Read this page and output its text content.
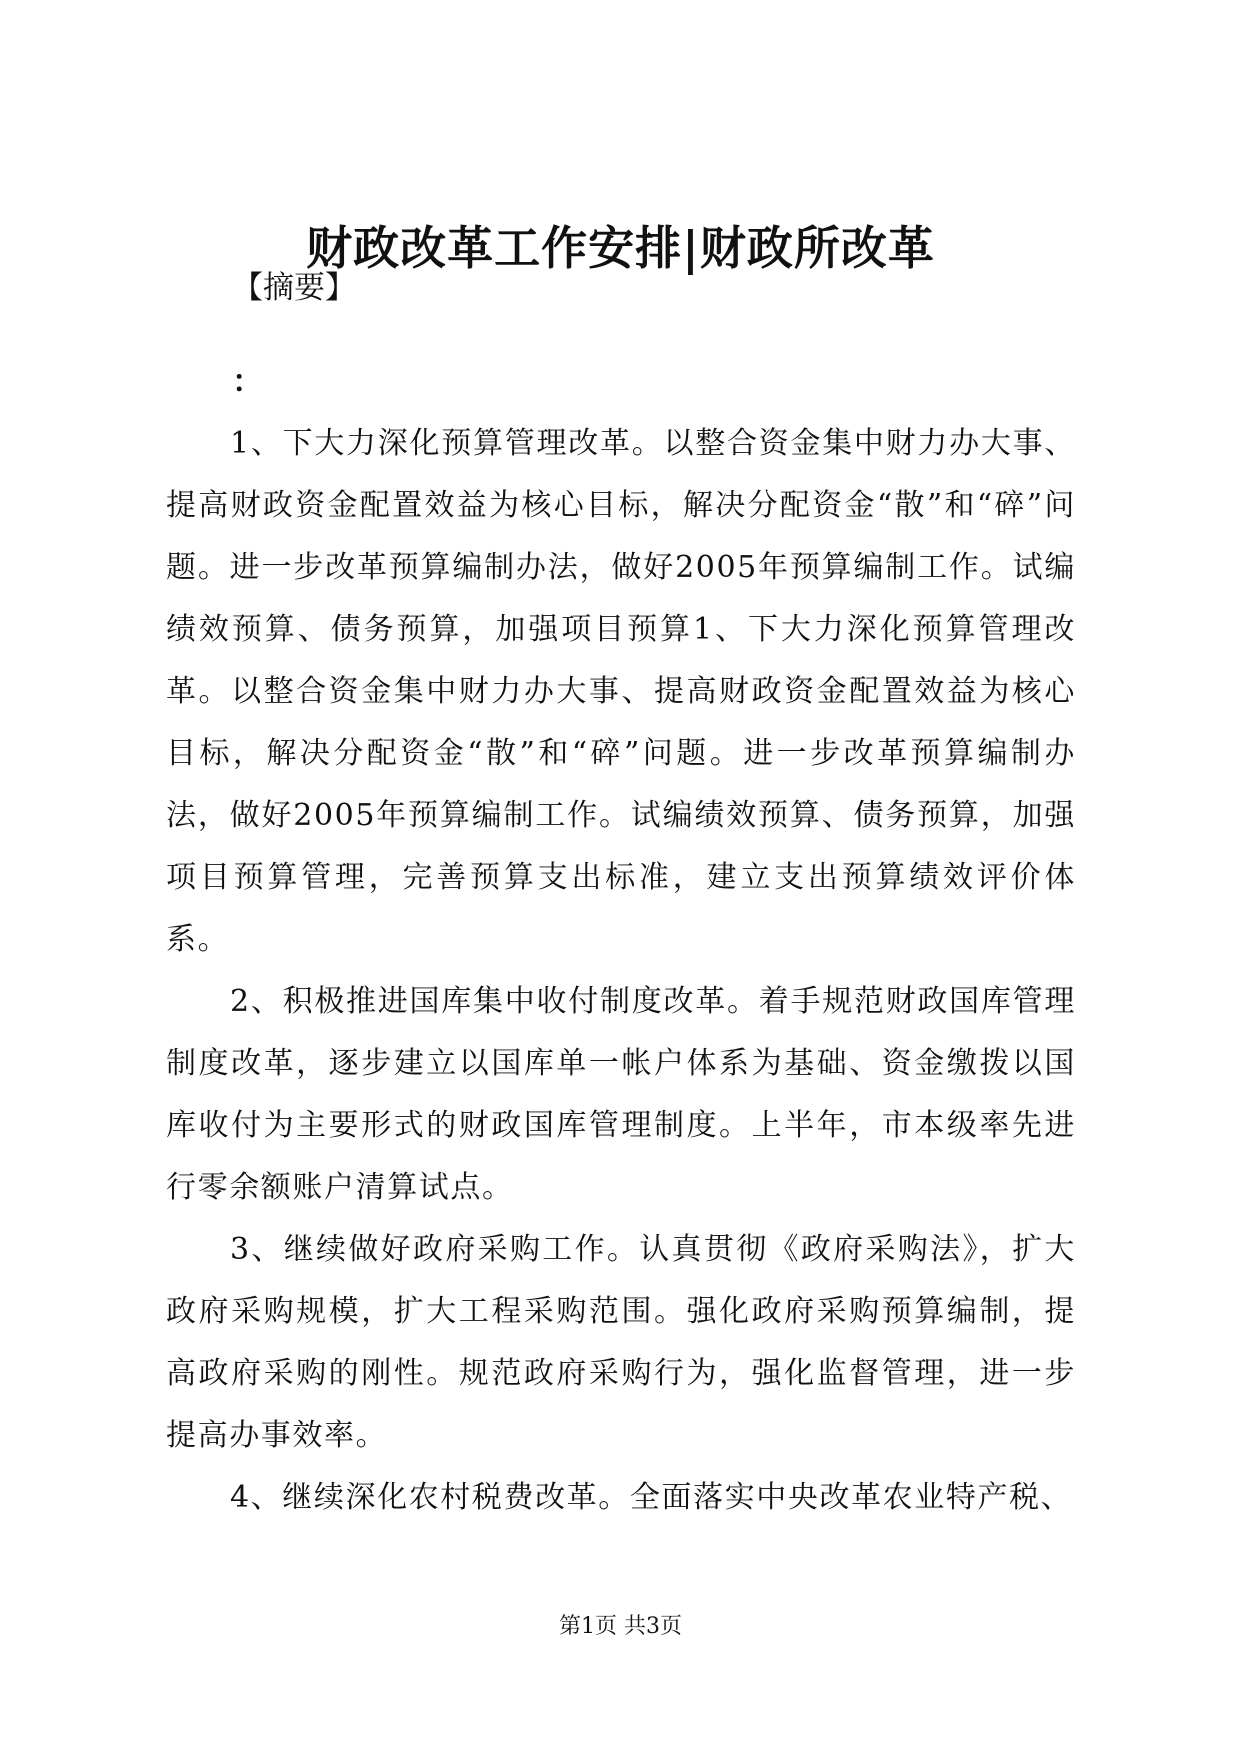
财政改革工作安排|财政所改革
【摘要】
：

1、下大力深化预算管理改革。以整合资金集中财力办大事、提高财政资金配置效益为核心目标，解决分配资金“散”和“碎”问题。进一步改革预算编制办法，做好2005年预算编制工作。试编绩效预算、债务预算，加强项目预算1、下大力深化预算管理改革。以整合资金集中财力办大事、提高财政资金配置效益为核心目标，解决分配资金“散”和“碎”问题。进一步改革预算编制办法，做好2005年预算编制工作。试编绩效预算、债务预算，加强项目预算管理，完善预算支出标准，建立支出预算绩效评价体系。

2、积极推进国库集中收付制度改革。着手规范财政国库管理制度改革，逐步建立以国库单一帐户体系为基础、资金缴拨以国库收付为主要形式的财政国库管理制度。上半年，市本级率先进行零余额账户清算试点。

3、继续做好政府采购工作。认真贯彻《政府采购法》，扩大政府采购规模，扩大工程采购范围。强化政府采购预算编制，提高政府采购的刚性。规范政府采购行为，强化监督管理，进一步提高办事效率。

4、继续深化农村税费改革。全面落实中央改革农业特产税、

第1页 共3页
